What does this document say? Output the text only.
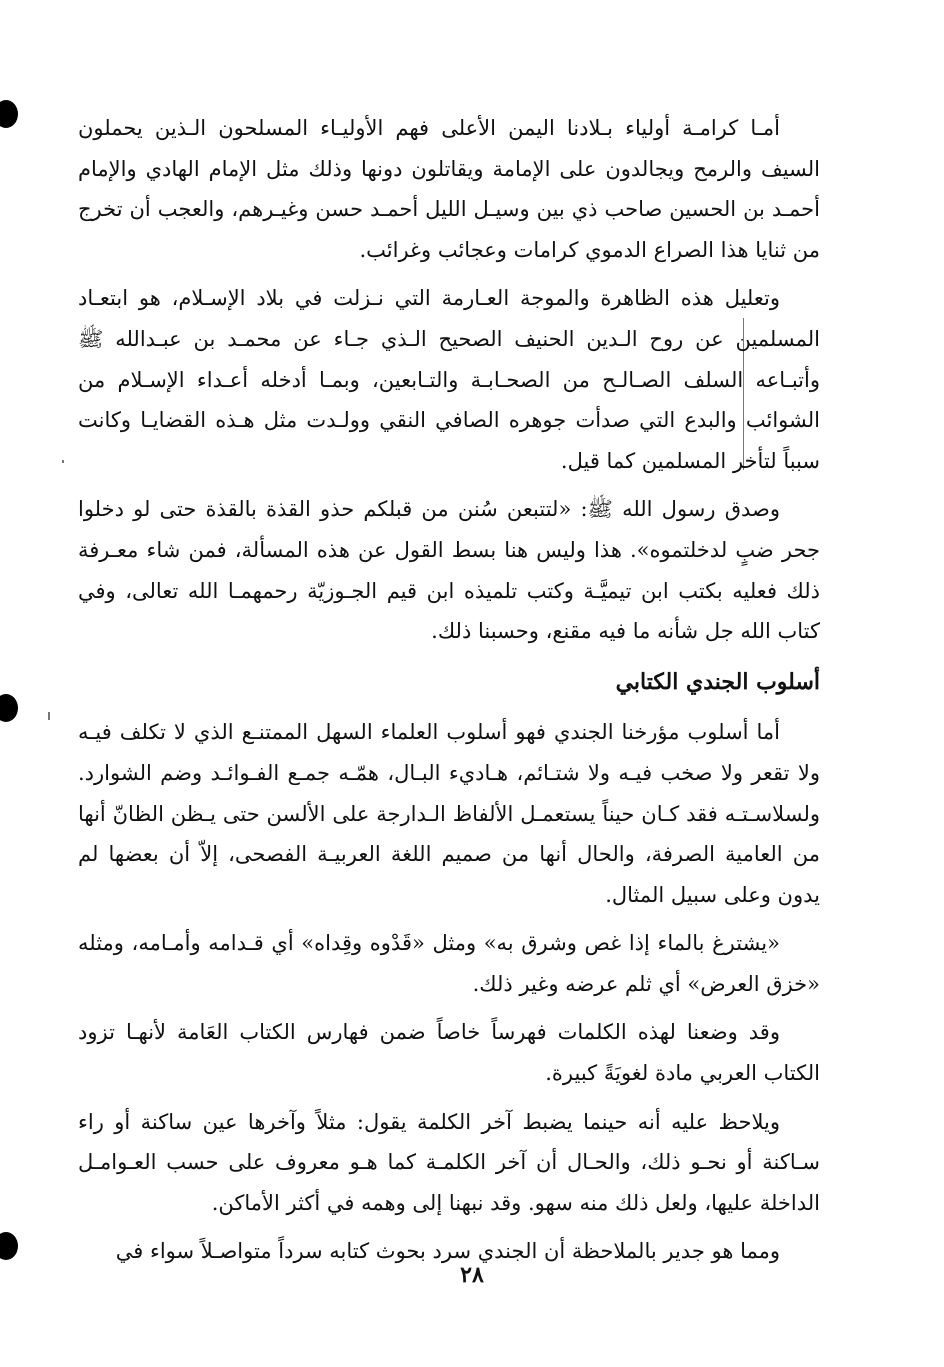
أمـا كرامـة أولياء بـلادنا اليمن الأعلى فهم الأوليـاء المسلحون الـذين يحملون السيف والرمح ويجالدون على الإمامة ويقاتلون دونها وذلك مثل الإمام الهادي والإمام أحمـد بن الحسين صاحب ذي بين وسيـل الليل أحمـد حسن وغيـرهم، والعجب أن تخرج من ثنايا هذا الصراع الدموي كرامات وعجائب وغرائب.

وتعليل هذه الظاهرة والموجة العـارمة التي نـزلت في بلاد الإسـلام، هو ابتعـاد المسلمين عن روح الـدين الحنيف الصحيح الـذي جـاء عن محمـد بن عبـدالله ﷺ وأتبـاعه السلف الصـالـح من الصحـابـة والتـابعين، وبمـا أدخله أعـداء الإسـلام من الشوائب والبدع التي صدأت جوهره الصافي النقي وولـدت مثل هـذه القضايـا وكانت سبباً لتأخر المسلمين كما قيل.

وصدق رسول الله ﷺ: «لتتبعن سُنن من قبلكم حذو القذة بالقذة حتى لو دخلوا جحر ضبٍ لدخلتموه». هذا وليس هنا بسط القول عن هذه المسألة، فمن شاء معـرفة ذلك فعليه بكتب ابن تيميَّـة وكتب تلميذه ابن قيم الجـوزيّة رحمهمـا الله تعالى، وفي كتاب الله جل شأنه ما فيه مقنع، وحسبنا ذلك.

أسلوب الجندي الكتابي

أما أسلوب مؤرخنا الجندي فهو أسلوب العلماء السهل الممتنـع الذي لا تكلف فيـه ولا تقعر ولا صخب فيـه ولا شتـائم، هـاديء البـال، همّـه جمـع الفـوائـد وضم الشوارد. ولسلاسـتـه فقد كـان حيناً يستعمـل الألفاظ الـدارجة على الألسن حتى يـظن الظانّ أنها من العامية الصرفة، والحال أنها من صميم اللغة العربيـة الفصحى، إلاّ أن بعضها لم يدون وعلى سبيل المثال.

«يشترغ بالماء إذا غص وشرق به» ومثل «قَدْوه وقِداه» أي قـدامه وأمـامه، ومثله «خزق العرض» أي ثلم عرضه وغير ذلك.

وقد وضعنا لهذه الكلمات فهرساً خاصاً ضمن فهارس الكتاب العَامة لأنهـا تزود الكتاب العربي مادة لغويَةً كبيرة.

ويلاحظ عليه أنه حينما يضبط آخر الكلمة يقول: مثلاً وآخرها عين ساكنة أو راء سـاكنة أو نحـو ذلك، والحـال أن آخر الكلمـة كما هـو معروف على حسب العـوامـل الداخلة عليها، ولعل ذلك منه سهو. وقد نبهنا إلى وهمه في أكثر الأماكن.

ومما هو جدير بالملاحظة أن الجندي سرد بحوث كتابه سرداً متواصـلاً سواء في

٢٨
